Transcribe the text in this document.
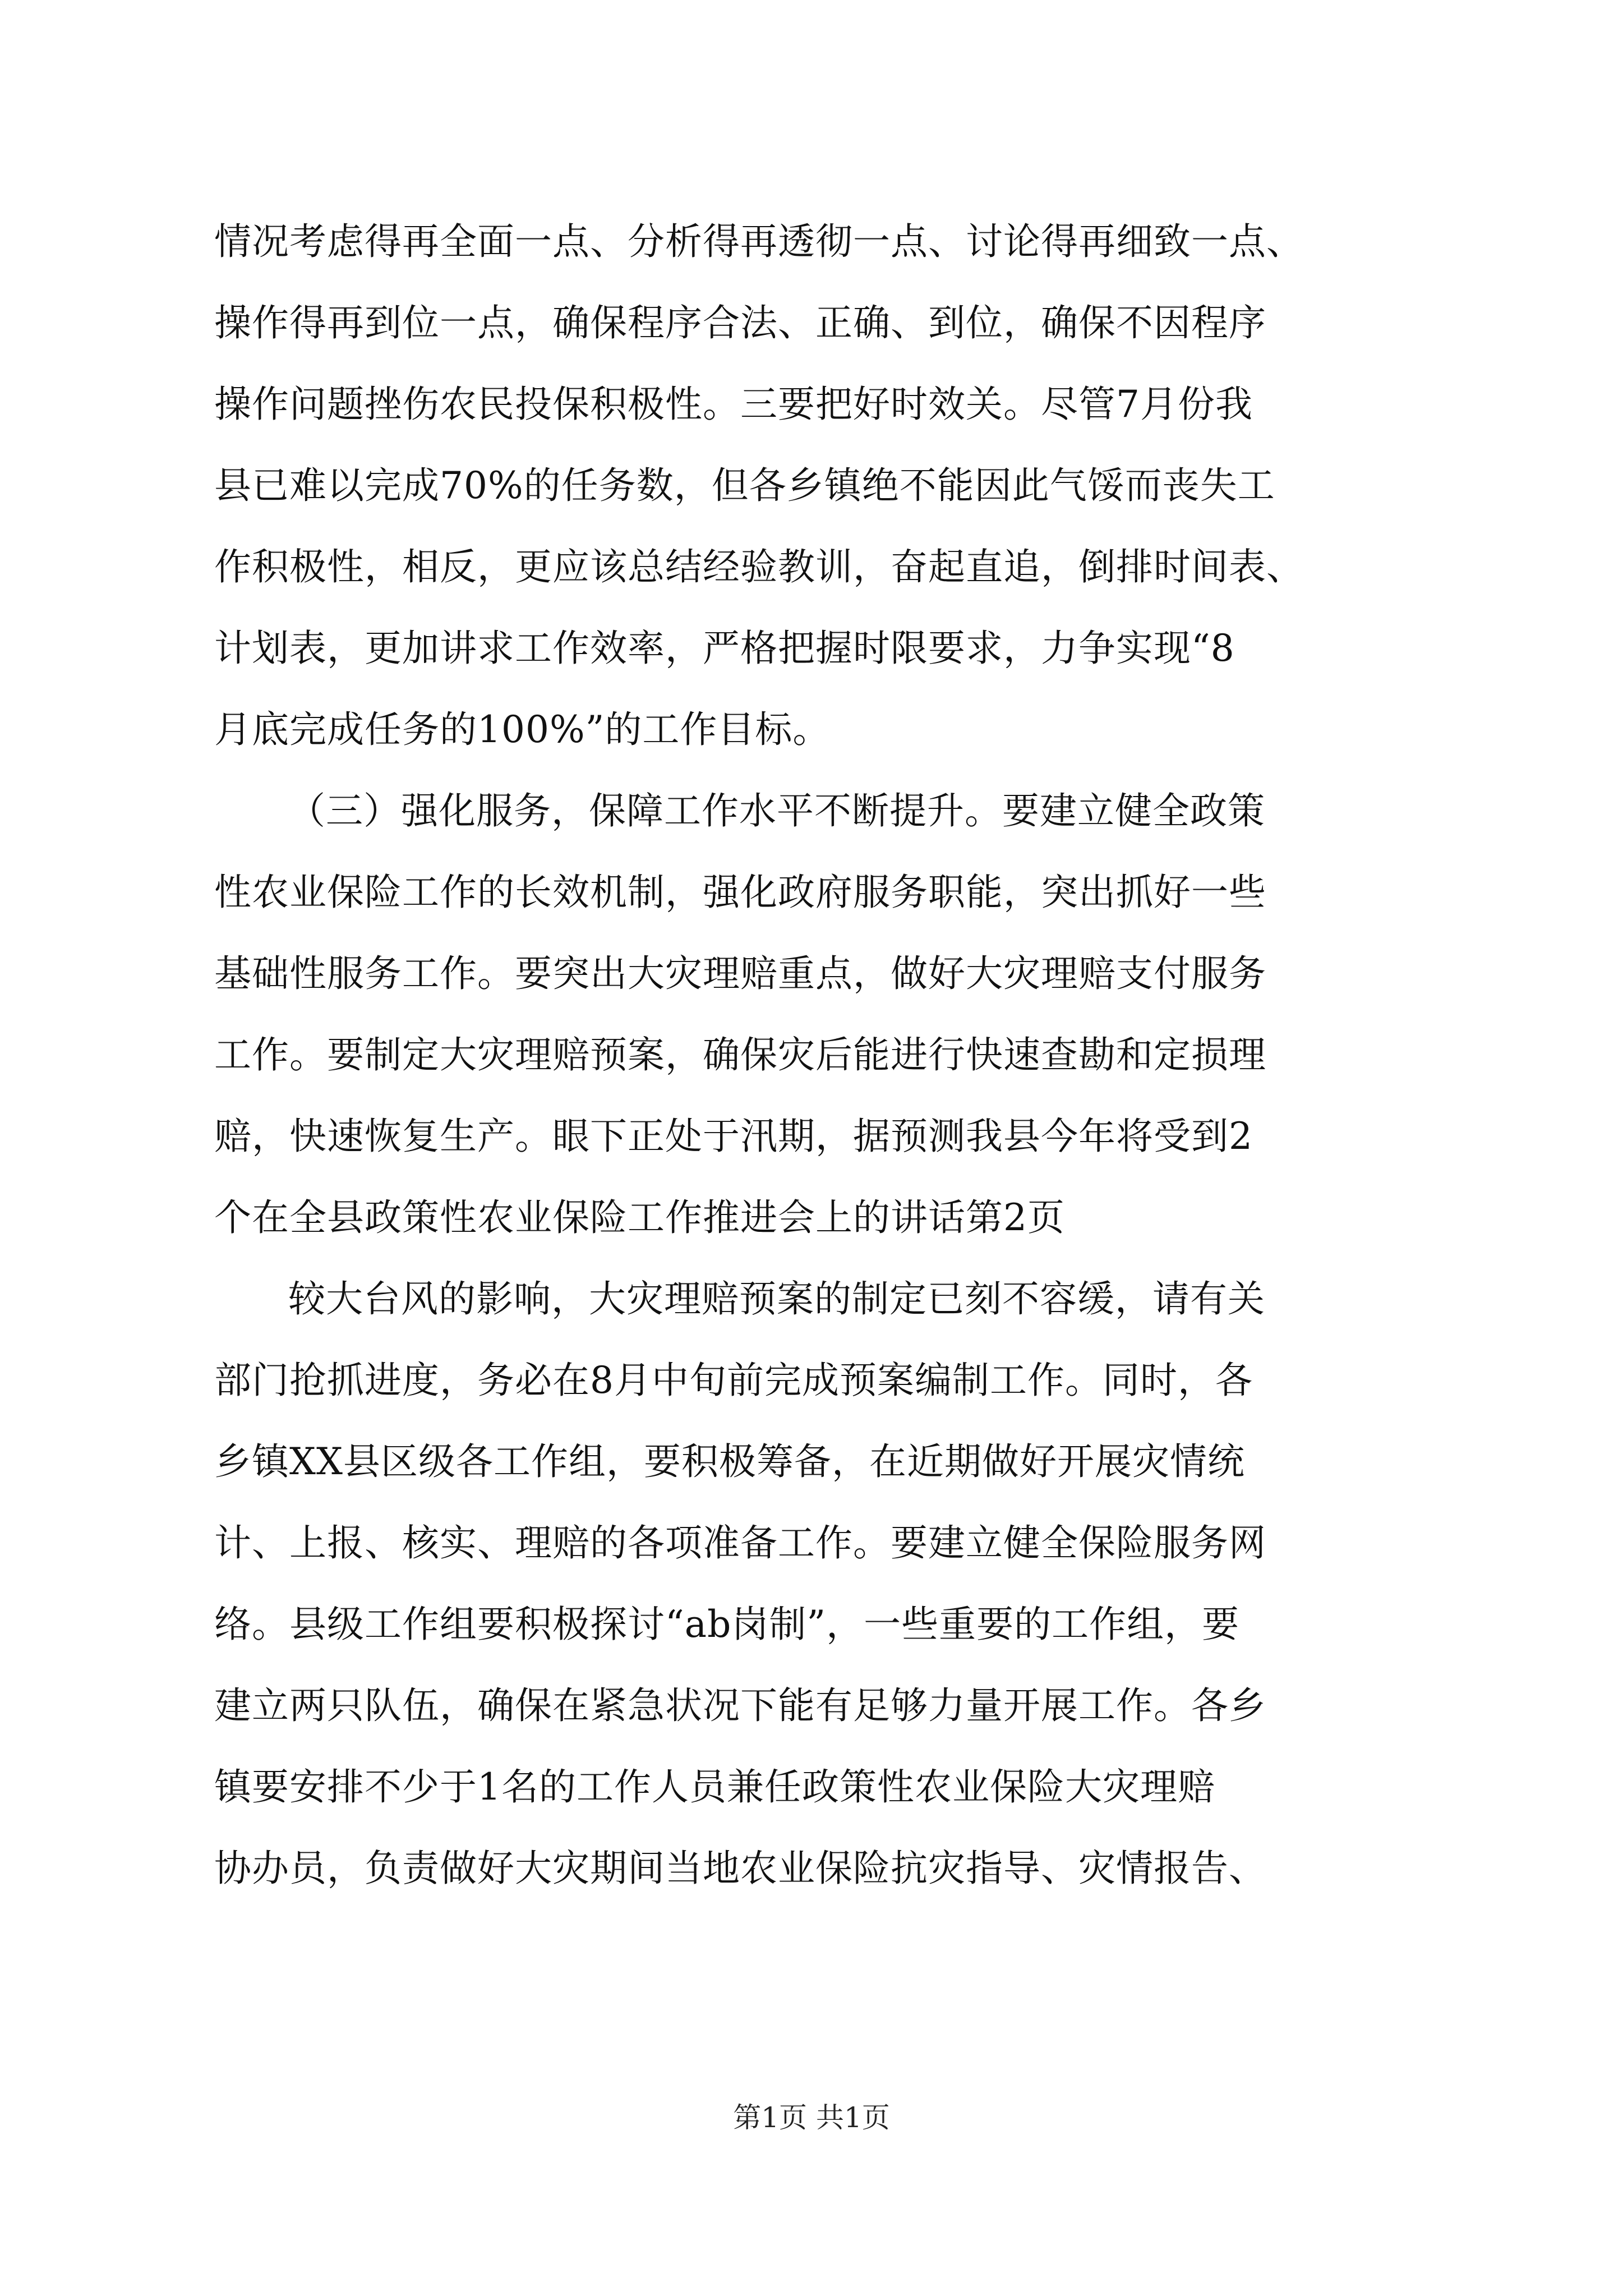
情况考虑得再全面一点、分析得再透彻一点、讨论得再细致一点、
操作得再到位一点，确保程序合法、正确、到位，确保不因程序
操作问题挫伤农民投保积极性。三要把好时效关。尽管7月份我
县已难以完成70%的任务数，但各乡镇绝不能因此气馁而丧失工
作积极性，相反，更应该总结经验教训，奋起直追，倒排时间表、
计划表，更加讲求工作效率，严格把握时限要求，力争实现“8
月底完成任务的100%”的工作目标。
（三）强化服务，保障工作水平不断提升。要建立健全政策
性农业保险工作的长效机制，强化政府服务职能，突出抓好一些
基础性服务工作。要突出大灾理赔重点，做好大灾理赔支付服务
工作。要制定大灾理赔预案，确保灾后能进行快速查勘和定损理
赔，快速恢复生产。眼下正处于汛期，据预测我县今年将受到2
个在全县政策性农业保险工作推进会上的讲话第2页
较大台风的影响，大灾理赔预案的制定已刻不容缓，请有关
部门抢抓进度，务必在8月中旬前完成预案编制工作。同时，各
乡镇XX县区级各工作组，要积极筹备，在近期做好开展灾情统
计、上报、核实、理赔的各项准备工作。要建立健全保险服务网
络。县级工作组要积极探讨“ab岗制”，一些重要的工作组，要
建立两只队伍，确保在紧急状况下能有足够力量开展工作。各乡
镇要安排不少于1名的工作人员兼任政策性农业保险大灾理赔
协办员，负责做好大灾期间当地农业保险抗灾指导、灾情报告、
第1页 共1页
